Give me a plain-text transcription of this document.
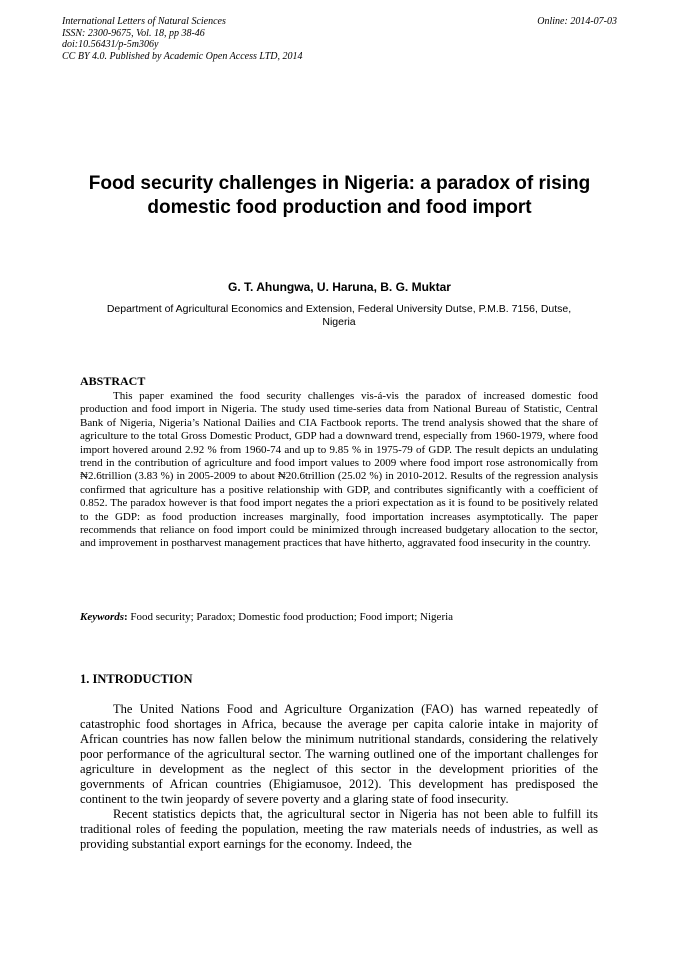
Online: 2014-07-03
International Letters of Natural Sciences
ISSN: 2300-9675, Vol. 18, pp 38-46
doi:10.56431/p-5m306y
CC BY 4.0. Published by Academic Open Access LTD, 2014
Food security challenges in Nigeria: a paradox of rising domestic food production and food import
G. T. Ahungwa, U. Haruna, B. G. Muktar
Department of Agricultural Economics and Extension, Federal University Dutse, P.M.B. 7156, Dutse, Nigeria
ABSTRACT

This paper examined the food security challenges vis-á-vis the paradox of increased domestic food production and food import in Nigeria. The study used time-series data from National Bureau of Statistic, Central Bank of Nigeria, Nigeria’s National Dailies and CIA Factbook reports. The trend analysis showed that the share of agriculture to the total Gross Domestic Product, GDP had a downward trend, especially from 1960-1979, where food import hovered around 2.92 % from 1960-74 and up to 9.85 % in 1975-79 of GDP. The result depicts an undulating trend in the contribution of agriculture and food import values to 2009 where food import rose astronomically from ₦2.6trillion (3.83 %) in 2005-2009 to about ₦20.6trillion (25.02 %) in 2010-2012. Results of the regression analysis confirmed that agriculture has a positive relationship with GDP, and contributes significantly with a coefficient of 0.852. The paradox however is that food import negates the a priori expectation as it is found to be positively related to the GDP: as food production increases marginally, food importation increases asymptotically. The paper recommends that reliance on food import could be minimized through increased budgetary allocation to the sector, and improvement in postharvest management practices that have hitherto, aggravated food insecurity in the country.

Keywords: Food security; Paradox; Domestic food production; Food import; Nigeria
1. INTRODUCTION

The United Nations Food and Agriculture Organization (FAO) has warned repeatedly of catastrophic food shortages in Africa, because the average per capita calorie intake in majority of African countries has now fallen below the minimum nutritional standards, considering the relatively poor performance of the agricultural sector. The warning outlined one of the important challenges for agriculture in development as the neglect of this sector in the development priorities of the governments of African countries (Ehigiamusoe, 2012). This development has predisposed the continent to the twin jeopardy of severe poverty and a glaring state of food insecurity.

Recent statistics depicts that, the agricultural sector in Nigeria has not been able to fulfill its traditional roles of feeding the population, meeting the raw materials needs of industries, as well as providing substantial export earnings for the economy. Indeed, the
